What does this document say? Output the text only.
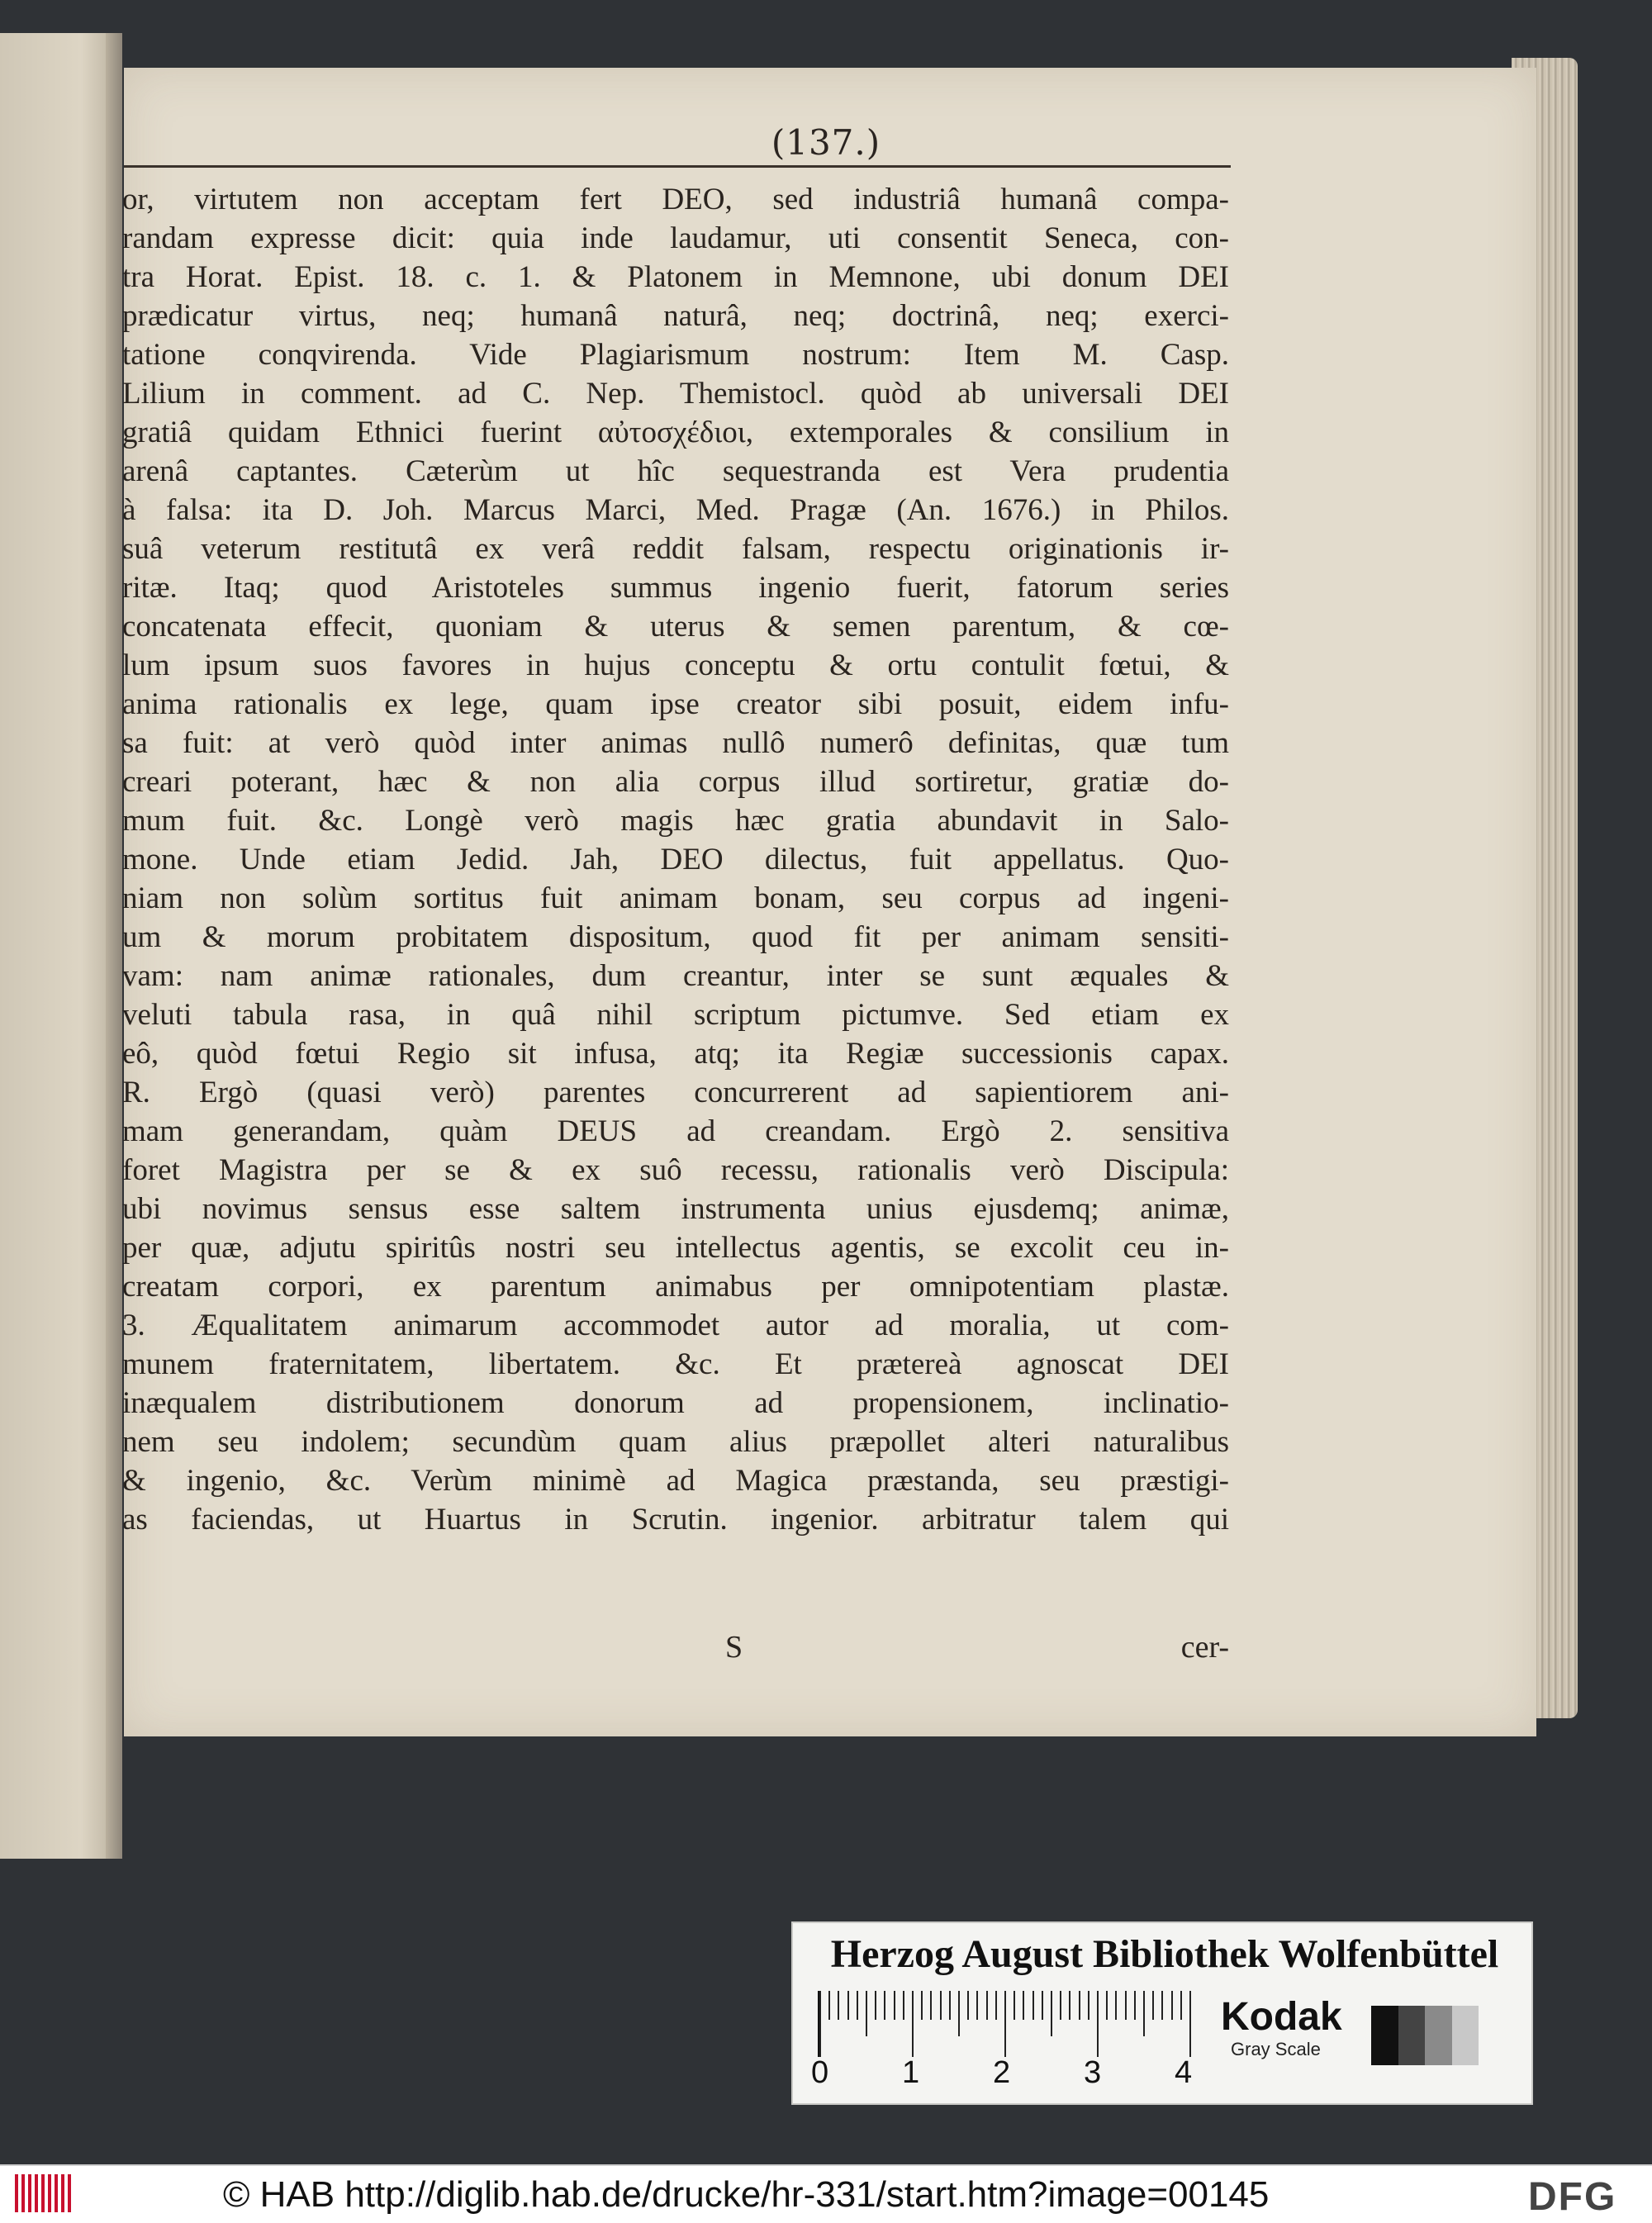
(137.)
or, virtutem non acceptam fert DEO, sed industriâ humanâ compa-
randam expresse dicit: quia inde laudamur, uti consentit Seneca, con-
tra Horat. Epist. 18. c. 1. & Platonem in Memnone, ubi donum DEI
prædicatur virtus, neq; humanâ naturâ, neq; doctrinâ, neq; exerci-
tatione conqvirenda. Vide Plagiarismum nostrum: Item M. Casp.
Lilium in comment. ad C. Nep. Themistocl. quòd ab universali DEI
gratiâ quidam Ethnici fuerint αὐτοσχέδιοι, extemporales & consilium in
arenâ captantes. Cæterùm ut hîc sequestranda est Vera prudentia
à falsa: ita D. Joh. Marcus Marci, Med. Pragæ (An. 1676.) in Philos.
suâ veterum restitutâ ex verâ reddit falsam, respectu originationis ir-
ritæ. Itaq; quod Aristoteles summus ingenio fuerit, fatorum series
concatenata effecit, quoniam & uterus & semen parentum, & cœ-
lum ipsum suos favores in hujus conceptu & ortu contulit fœtui, &
anima rationalis ex lege, quam ipse creator sibi posuit, eidem infu-
sa fuit: at verò quòd inter animas nullô numerô definitas, quæ tum
creari poterant, hæc & non alia corpus illud sortiretur, gratiæ do-
mum fuit. &c. Longè verò magis hæc gratia abundavit in Salo-
mone. Unde etiam Jedid. Jah, DEO dilectus, fuit appellatus. Quo-
niam non solùm sortitus fuit animam bonam, seu corpus ad ingeni-
um & morum probitatem dispositum, quod fit per animam sensiti-
vam: nam animæ rationales, dum creantur, inter se sunt æquales &
veluti tabula rasa, in quâ nihil scriptum pictumve. Sed etiam ex
eô, quòd fœtui Regio sit infusa, atq; ita Regiæ successionis capax.
R. Ergò (quasi verò) parentes concurrerent ad sapientiorem ani-
mam generandam, quàm DEUS ad creandam. Ergò 2. sensitiva
foret Magistra per se & ex suô recessu, rationalis verò Discipula:
ubi novimus sensus esse saltem instrumenta unius ejusdemq; animæ,
per quæ, adjutu spiritûs nostri seu intellectus agentis, se excolit ceu in-
creatam corpori, ex parentum animabus per omnipotentiam plastæ.
3. Æqualitatem animarum accommodet autor ad moralia, ut com-
munem fraternitatem, libertatem. &c. Et prætereà agnoscat DEI
inæqualem distributionem donorum ad propensionem, inclinatio-
nem seu indolem; secundùm quam alius præpollet alteri naturalibus
& ingenio, &c. Verùm minimè ad Magica præstanda, seu præstigi-
as faciendas, ut Huartus in Scrutin. ingenior. arbitratur talem qui
S	cer-
Herzog August Bibliothek Wolfenbüttel
0 1 2 3 4
Kodak
Gray Scale
© HAB http://diglib.hab.de/drucke/hr-331/start.htm?image=00145	DFG
